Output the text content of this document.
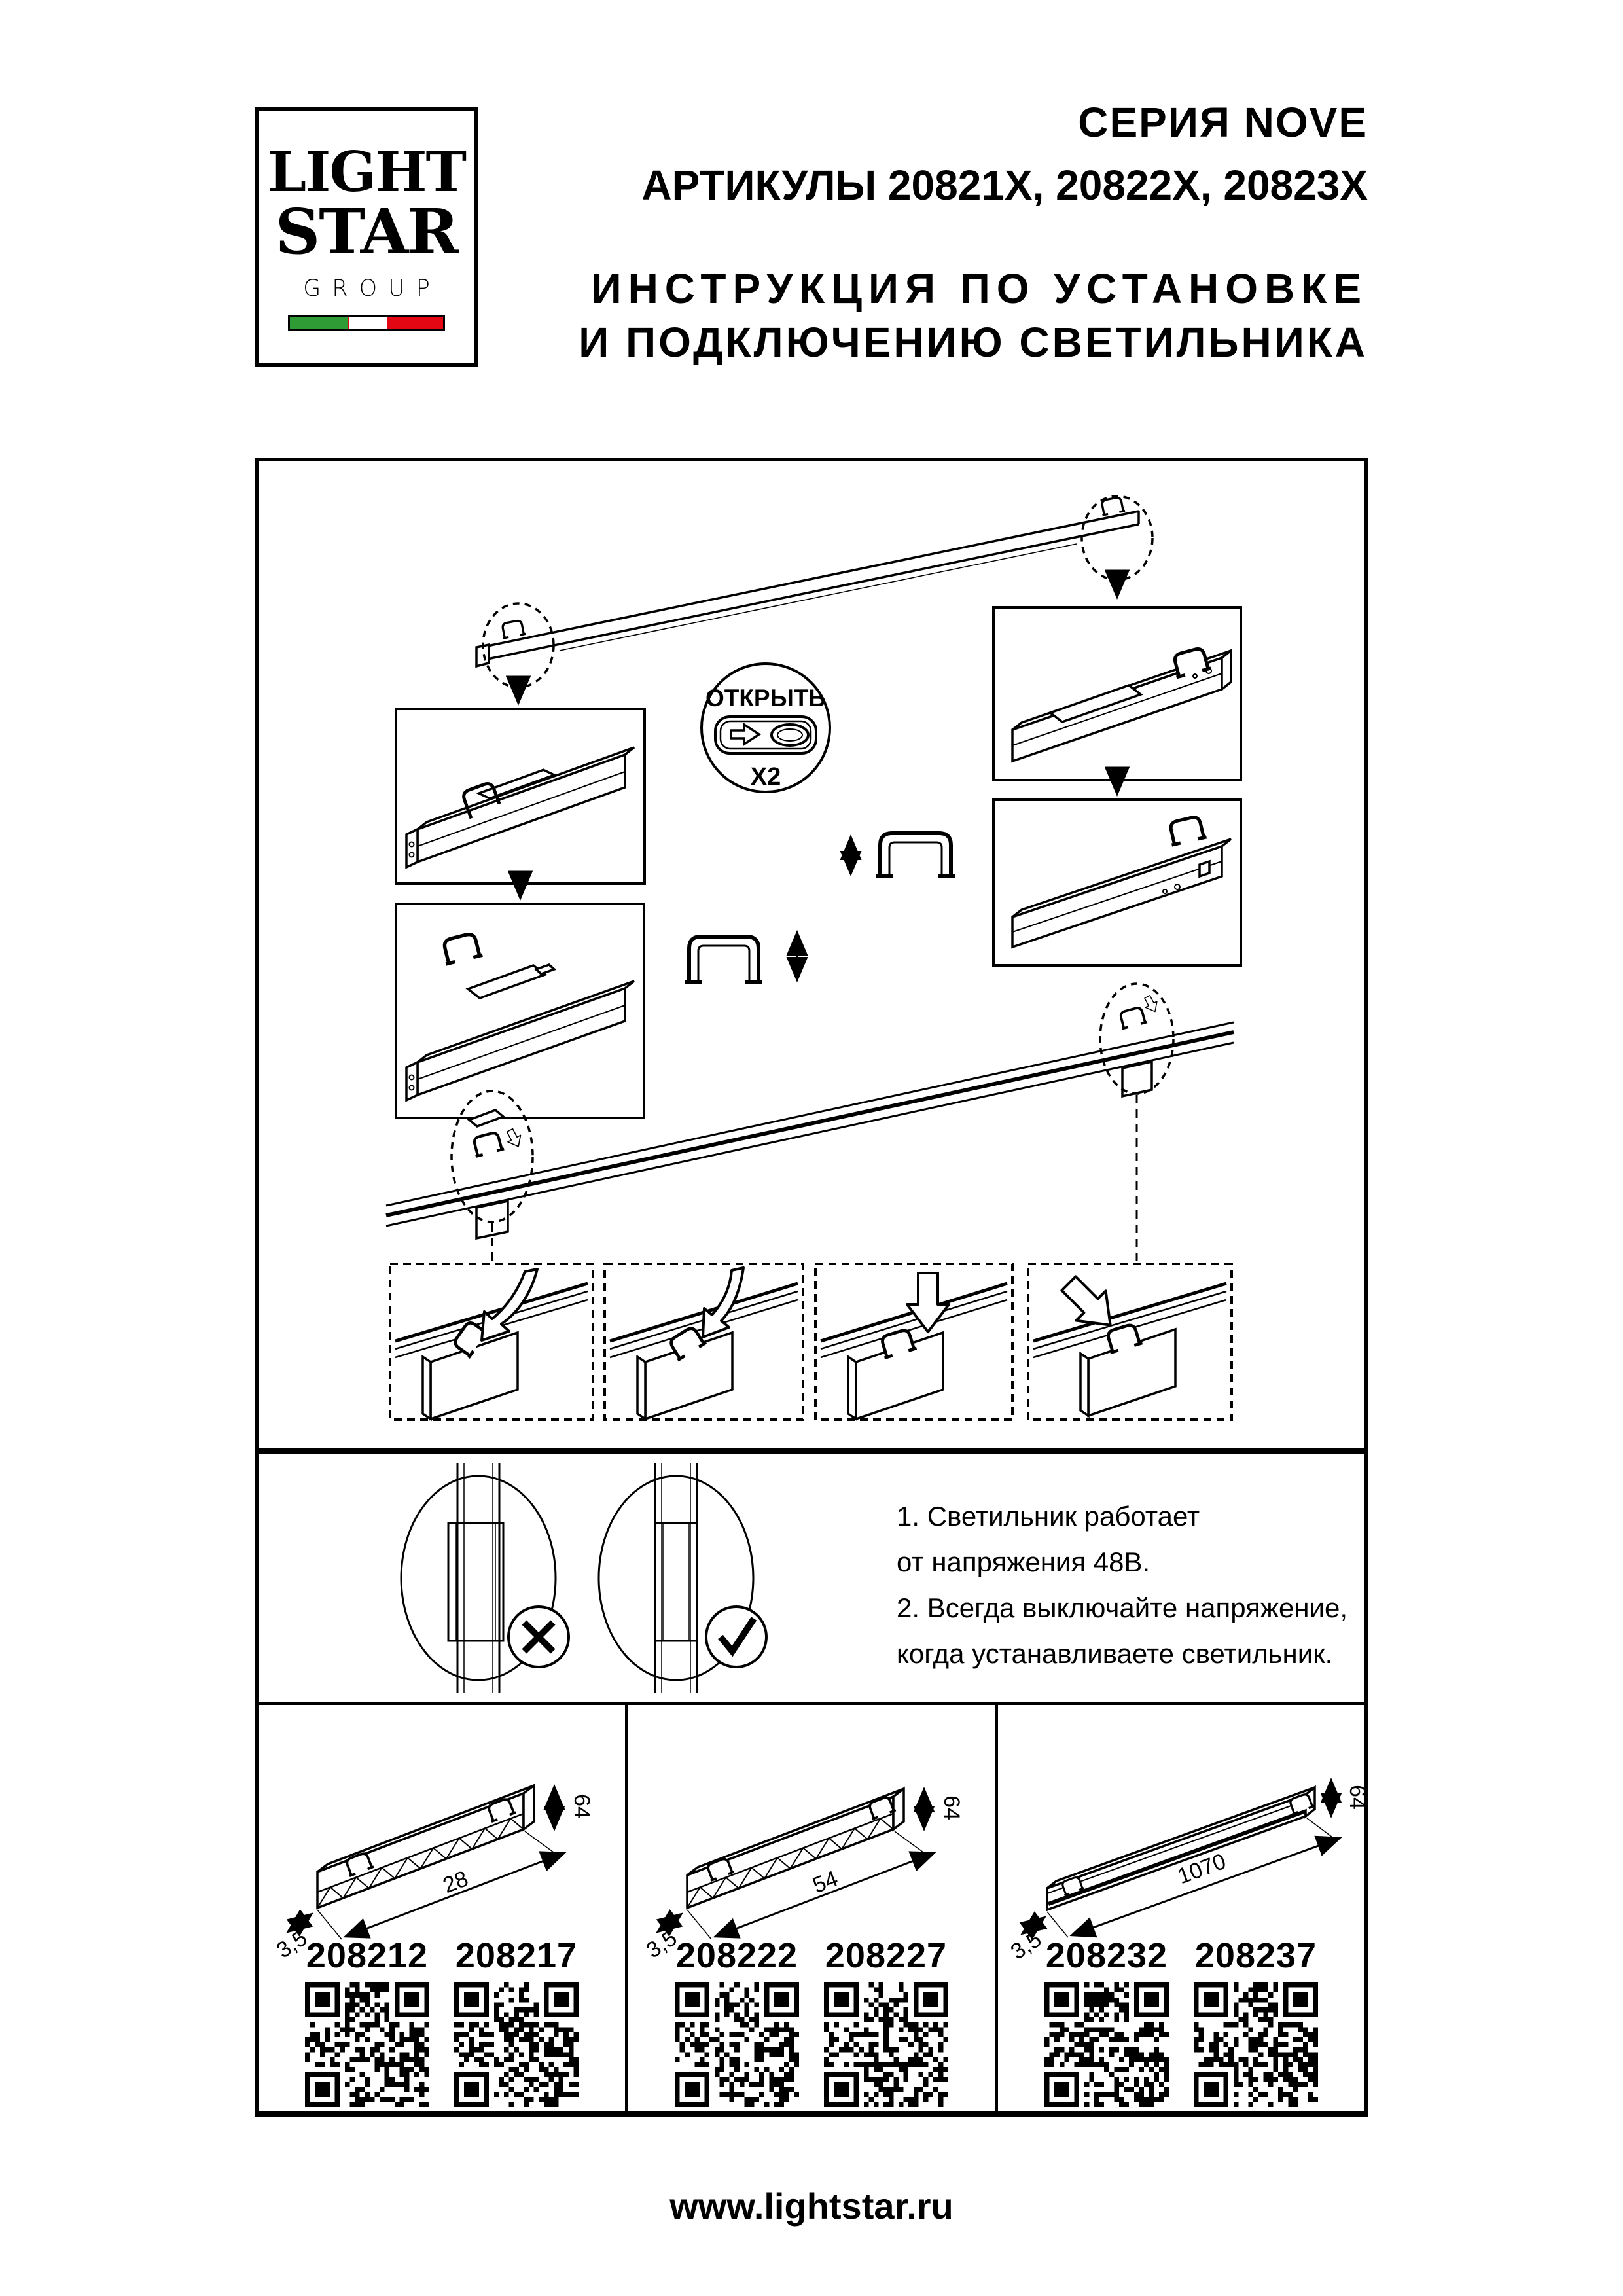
LIGHT
STAR
GROUP
СЕРИЯ NOVE
АРТИКУЛЫ 20821Х, 20822Х, 20823Х
ИНСТРУКЦИЯ ПО УСТАНОВКЕ
И ПОДКЛЮЧЕНИЮ СВЕТИЛЬНИКА
ОТКРЫТЬ
X2
1. Светильник работает
от напряжения 48В.
2. Всегда выключайте напряжение,
когда устанавливаете светильник.
28
3,5
64
208212 208217
54
3,5
64
208222 208227
1070
3,5
64
208232 208237
www.lightstar.ru
